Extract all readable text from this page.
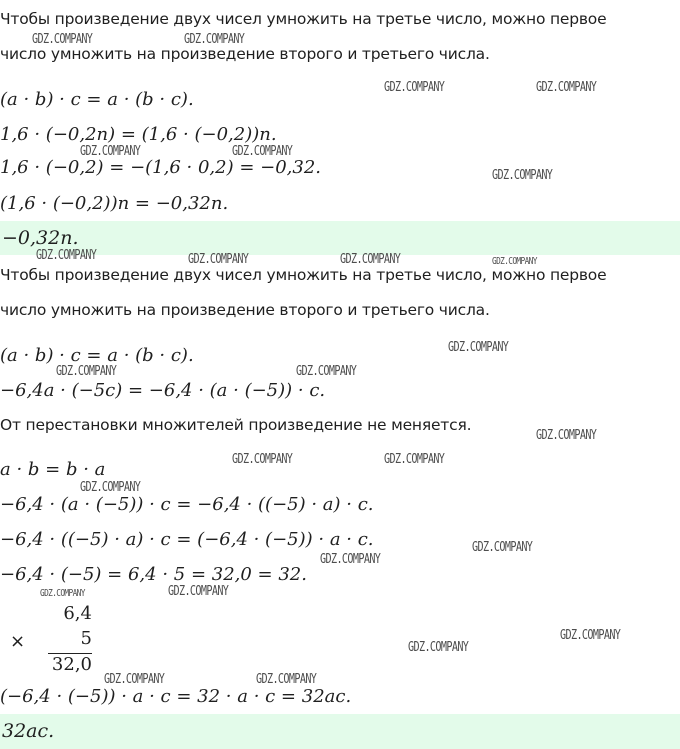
Чтобы произведение двух чисел умножить на третье число, можно первое
число умножить на произведение второго и третьего числа.
(a · b) · c = a · (b · c).
1,6 · (−0,2n) = (1,6 · (−0,2))n.
1,6 · (−0,2) = −(1,6 · 0,2) = −0,32.
(1,6 · (−0,2))n = −0,32n.
−0,32n.
Чтобы произведение двух чисел умножить на третье число, можно первое
число умножить на произведение второго и третьего числа.
(a · b) · c = a · (b · c).
−6,4a · (−5c) = −6,4 · (a · (−5)) · c.
От перестановки множителей произведение не меняется.
a · b = b · a
−6,4 · (a · (−5)) · c = −6,4 · ((−5) · a) · c.
−6,4 · ((−5) · a) · c = (−6,4 · (−5)) · a · c.
−6,4 · (−5) = 6,4 · 5 = 32,0 = 32.
6,4
×	5
32,0
(−6,4 · (−5)) · a · c = 32 · a · c = 32ac.
32ac.
GDZ.COMPANY	GDZ.COMPANY
GDZ.COMPANY	GDZ.COMPANY
GDZ.COMPANY	GDZ.COMPANY
GDZ.COMPANY
GDZ.COMPANY	GDZ.COMPANY	GDZ.COMPANY	GDZ.COMPANY
GDZ.COMPANY
GDZ.COMPANY	GDZ.COMPANY
GDZ.COMPANY
GDZ.COMPANY	GDZ.COMPANY
GDZ.COMPANY
GDZ.COMPANY
GDZ.COMPANY
GDZ.COMPANY	GDZ.COMPANY
GDZ.COMPANY
GDZ.COMPANY
GDZ.COMPANY	GDZ.COMPANY
